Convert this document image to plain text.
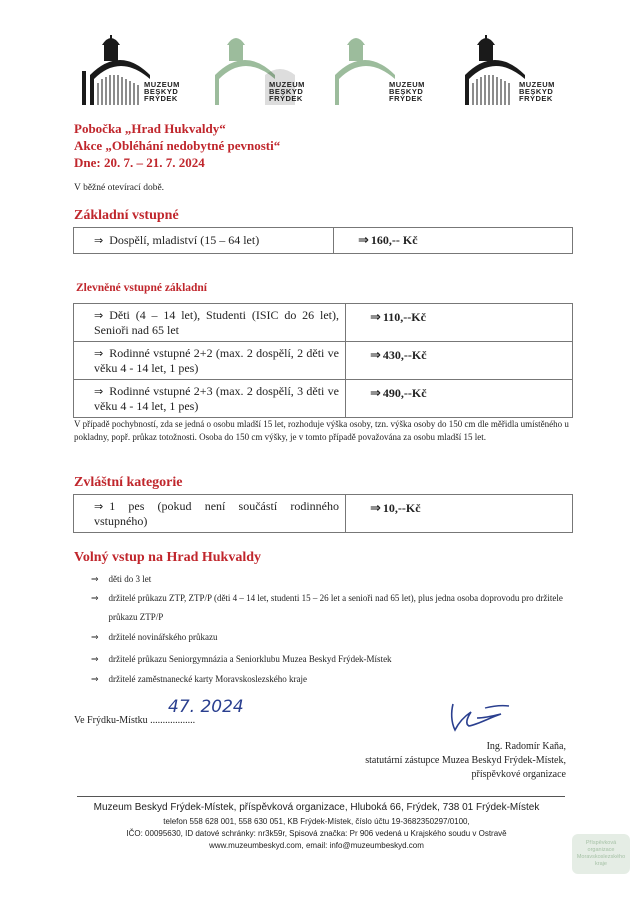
MUZEUM
BESKYD
FRÝDEK
MUZEUM
BESKYD
FRÝDEK
MUZEUM
BESKYD
FRÝDEK
MUZEUM
BESKYD
FRÝDEK
Pobočka „Hrad Hukvaldy“
Akce „Obléhání nedobytné pevnosti“
Dne: 20. 7. – 21. 7. 2024
V běžné otevírací době.
Základní vstupné
⇒ Dospělí, mladiství (15 – 64 let)	⇒ 160,-- Kč
Zlevněné vstupné základní
⇒ Děti (4 – 14 let), Studenti (ISIC do 26 let), Senioři nad 65 let	⇒ 110,--Kč
⇒ Rodinné vstupné 2+2 (max. 2 dospělí, 2 děti ve věku 4 - 14 let, 1 pes)	⇒ 430,--Kč
⇒ Rodinné vstupné 2+3 (max. 2 dospělí, 3 děti ve věku 4 - 14 let, 1 pes)	⇒ 490,--Kč
V případě pochybností, zda se jedná o osobu mladší 15 let, rozhoduje výška osoby, tzn. výška osoby do 150 cm dle měřidla umístěného u pokladny, popř. průkaz totožnosti. Osoba do 150 cm výšky, je v tomto případě považována za osobu mladší 15 let.
Zvláštní kategorie
⇒ 1 pes (pokud není součástí rodinného vstupného)	⇒ 10,--Kč
Volný vstup na Hrad Hukvaldy
⇒ děti do 3 let
⇒ držitelé průkazu ZTP, ZTP/P (děti 4 – 14 let, studenti 15 – 26 let a senioři nad 65 let), plus jedna osoba doprovodu pro držitele průkazu ZTP/P
⇒ držitelé novinářského průkazu
⇒ držitelé průkazu Seniorgymnázia a Seniorklubu Muzea Beskyd Frýdek-Místek
⇒ držitelé zaměstnanecké karty Moravskoslezského kraje
Ve Frýdku-Místku ..................
47. 2024
Ing. Radomír Kaňa,
statutární zástupce Muzea Beskyd Frýdek-Místek,
příspěvkové organizace
Muzeum Beskyd Frýdek-Místek, příspěvková organizace, Hluboká 66, Frýdek, 738 01 Frýdek-Místek
telefon 558 628 001, 558 630 051, KB Frýdek-Místek, číslo účtu 19-3682350297/0100,
IČO: 00095630, ID datové schránky: nr3k59r, Spisová značka: Pr 906 vedená u Krajského soudu v Ostravě
www.muzeumbeskyd.com, email: info@muzeumbeskyd.com	Příspěvková organizace Moravskoslezského kraje
